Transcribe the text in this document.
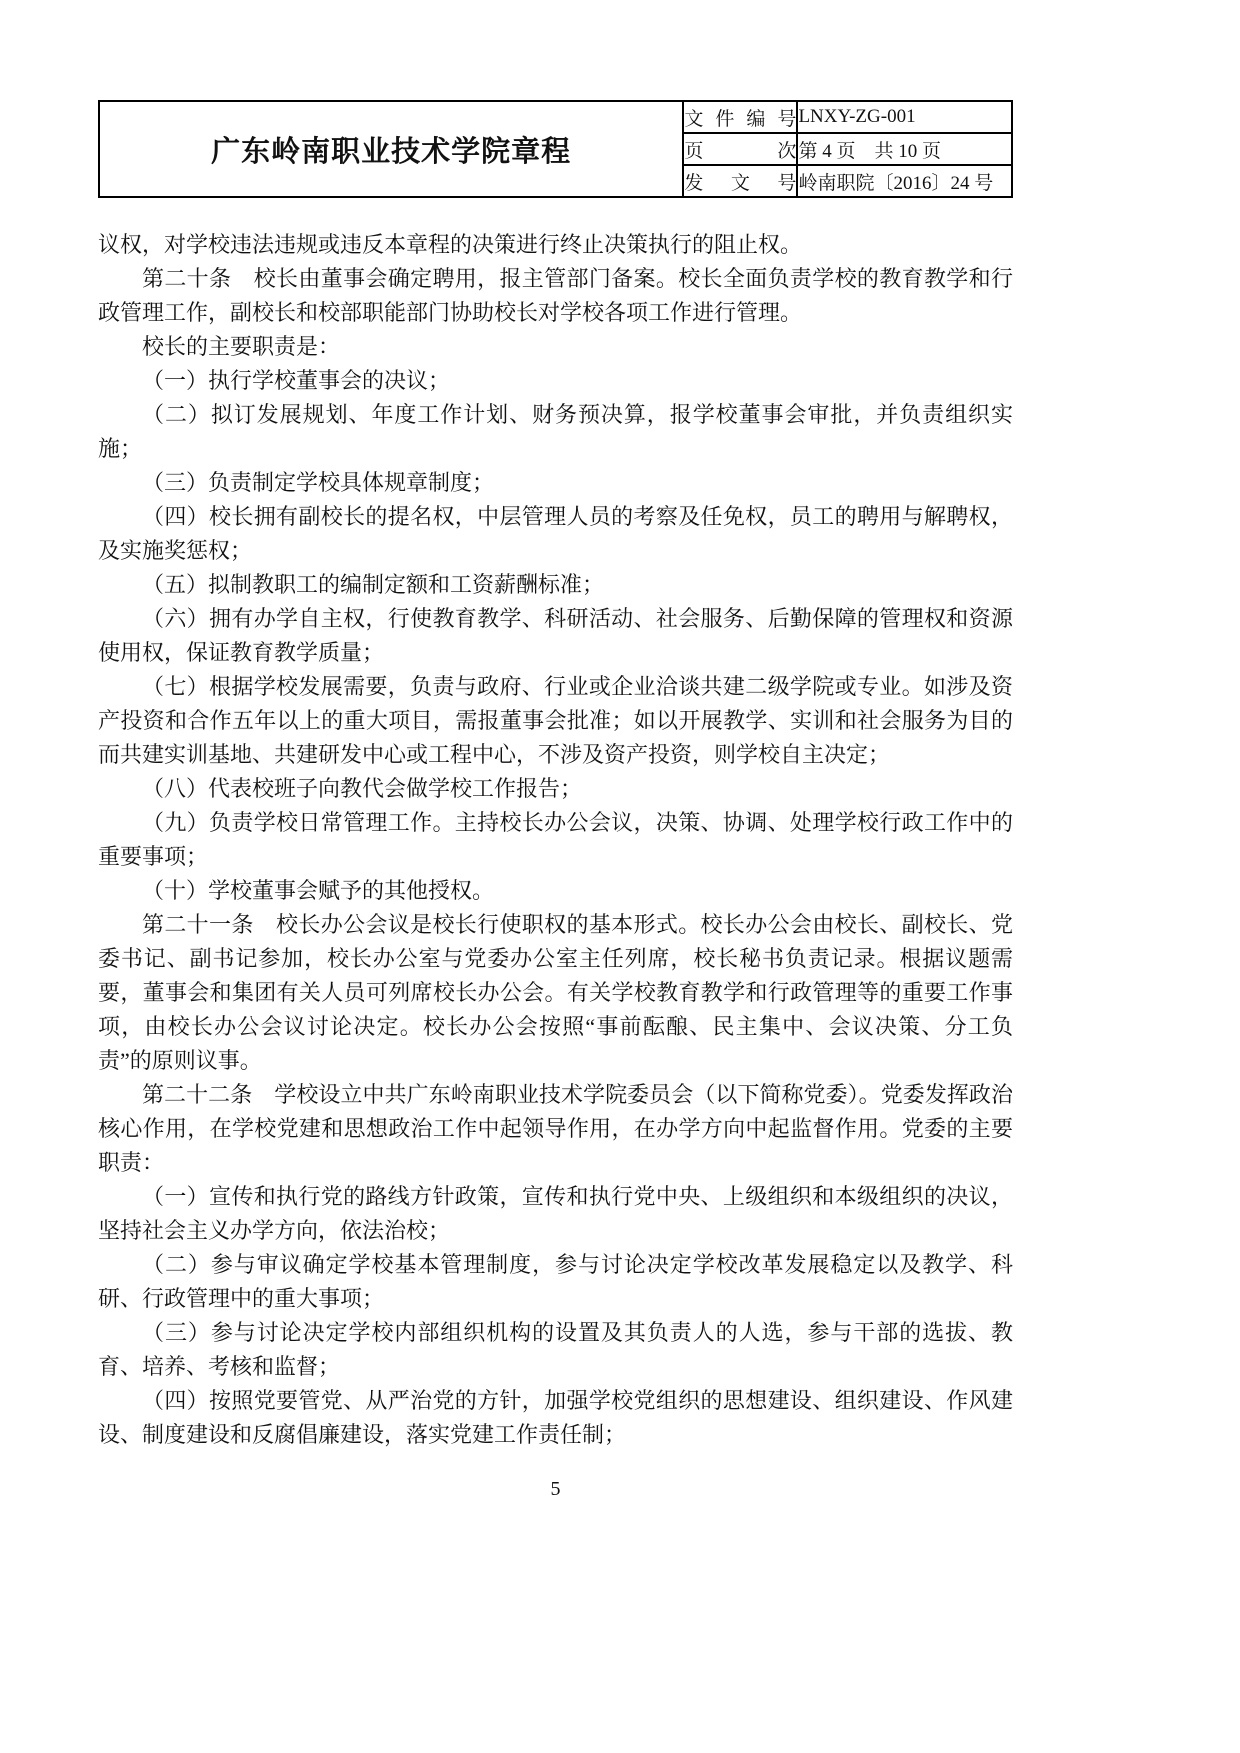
广东岭南职业技术学院章程	文件编号	LNXY-ZG-001
	页次	第 4 页　共 10 页
	发文号	岭南职院〔2016〕24 号

议权，对学校违法违规或违反本章程的决策进行终止决策执行的阻止权。

第二十条　校长由董事会确定聘用，报主管部门备案。校长全面负责学校的教育教学和行政管理工作，副校长和校部职能部门协助校长对学校各项工作进行管理。

校长的主要职责是：

（一）执行学校董事会的决议；

（二）拟订发展规划、年度工作计划、财务预决算，报学校董事会审批，并负责组织实施；

（三）负责制定学校具体规章制度；

（四）校长拥有副校长的提名权，中层管理人员的考察及任免权，员工的聘用与解聘权，及实施奖惩权；

（五）拟制教职工的编制定额和工资薪酬标准；

（六）拥有办学自主权，行使教育教学、科研活动、社会服务、后勤保障的管理权和资源使用权，保证教育教学质量；

（七）根据学校发展需要，负责与政府、行业或企业洽谈共建二级学院或专业。如涉及资产投资和合作五年以上的重大项目，需报董事会批准；如以开展教学、实训和社会服务为目的而共建实训基地、共建研发中心或工程中心，不涉及资产投资，则学校自主决定；

（八）代表校班子向教代会做学校工作报告；

（九）负责学校日常管理工作。主持校长办公会议，决策、协调、处理学校行政工作中的重要事项；

（十）学校董事会赋予的其他授权。

第二十一条　校长办公会议是校长行使职权的基本形式。校长办公会由校长、副校长、党委书记、副书记参加，校长办公室与党委办公室主任列席，校长秘书负责记录。根据议题需要，董事会和集团有关人员可列席校长办公会。有关学校教育教学和行政管理等的重要工作事项，由校长办公会议讨论决定。校长办公会按照“事前酝酿、民主集中、会议决策、分工负责”的原则议事。

第二十二条　学校设立中共广东岭南职业技术学院委员会（以下简称党委）。党委发挥政治核心作用，在学校党建和思想政治工作中起领导作用，在办学方向中起监督作用。党委的主要职责：

（一）宣传和执行党的路线方针政策，宣传和执行党中央、上级组织和本级组织的决议，坚持社会主义办学方向，依法治校；

（二）参与审议确定学校基本管理制度，参与讨论决定学校改革发展稳定以及教学、科研、行政管理中的重大事项；

（三）参与讨论决定学校内部组织机构的设置及其负责人的人选，参与干部的选拔、教育、培养、考核和监督；

（四）按照党要管党、从严治党的方针，加强学校党组织的思想建设、组织建设、作风建设、制度建设和反腐倡廉建设，落实党建工作责任制；

5
